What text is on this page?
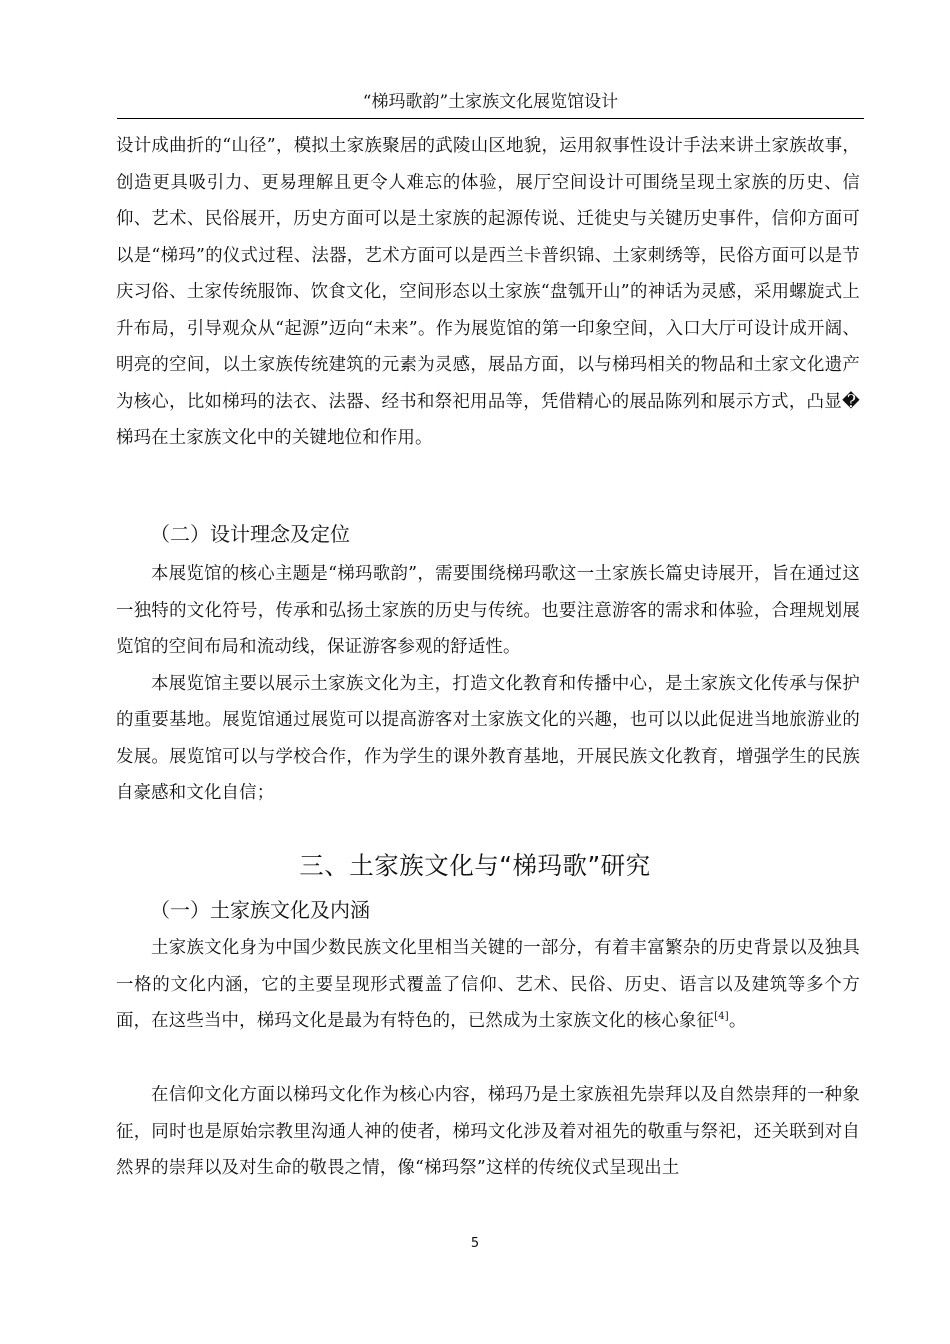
“梯玛歌韵”土家族文化展览馆设计

设计成曲折的“山径”，模拟土家族聚居的武陵山区地貌，运用叙事性设计手法来讲土家族故事，创造更具吸引力、更易理解且更令人难忘的体验，展厅空间设计可围绕呈现土家族的历史、信仰、艺术、民俗展开，历史方面可以是土家族的起源传说、迁徙史与关键历史事件，信仰方面可以是“梯玛”的仪式过程、法器，艺术方面可以是西兰卡普织锦、土家刺绣等，民俗方面可以是节庆习俗、土家传统服饰、饮食文化，空间形态以土家族“盘瓠开山”的神话为灵感，采用螺旋式上升布局，引导观众从“起源”迈向“未来”。作为展览馆的第一印象空间，入口大厅可设计成开阔、明亮的空间，以土家族传统建筑的元素为灵感，展品方面，以与梯玛相关的物品和土家文化遗产为核心，比如梯玛的法衣、法器、经书和祭祀用品等，凭借精心的展品陈列和展示方式，凸显�梯玛在土家族文化中的关键地位和作用。

（二）设计理念及定位

本展览馆的核心主题是“梯玛歌韵”，需要围绕梯玛歌这一土家族长篇史诗展开，旨在通过这一独特的文化符号，传承和弘扬土家族的历史与传统。也要注意游客的需求和体验，合理规划展览馆的空间布局和流动线，保证游客参观的舒适性。

本展览馆主要以展示土家族文化为主，打造文化教育和传播中心，是土家族文化传承与保护的重要基地。展览馆通过展览可以提高游客对土家族文化的兴趣，也可以以此促进当地旅游业的发展。展览馆可以与学校合作，作为学生的课外教育基地，开展民族文化教育，增强学生的民族自豪感和文化自信；

三、土家族文化与“梯玛歌”研究
（一）土家族文化及内涵

土家族文化身为中国少数民族文化里相当关键的一部分，有着丰富繁杂的历史背景以及独具一格的文化内涵，它的主要呈现形式覆盖了信仰、艺术、民俗、历史、语言以及建筑等多个方面，在这些当中，梯玛文化是最为有特色的，已然成为土家族文化的核心象征[4]。

在信仰文化方面以梯玛文化作为核心内容，梯玛乃是土家族祖先崇拜以及自然崇拜的一种象征，同时也是原始宗教里沟通人神的使者，梯玛文化涉及着对祖先的敬重与祭祀，还关联到对自然界的崇拜以及对生命的敬畏之情，像“梯玛祭”这样的传统仪式呈现出土

5
